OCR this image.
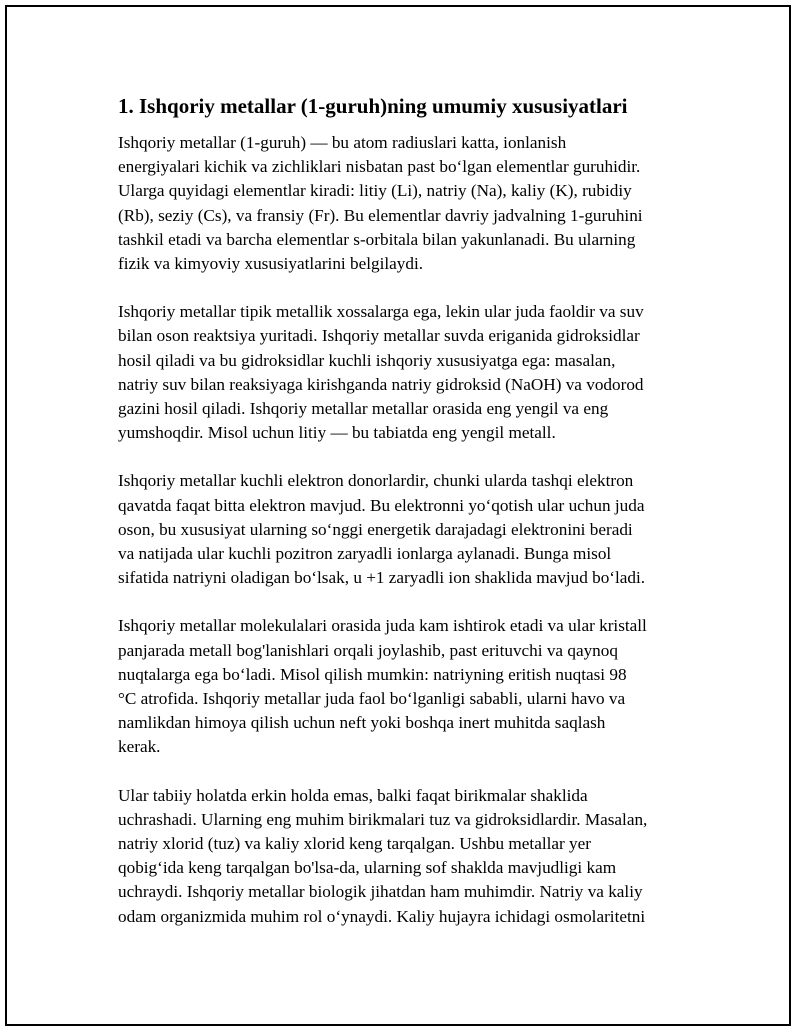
1. Ishqoriy metallar (1-guruh)ning umumiy xususiyatlari

Ishqoriy metallar (1-guruh) — bu atom radiuslari katta, ionlanish
energiyalari kichik va zichliklari nisbatan past boʻlgan elementlar guruhidir.
Ularga quyidagi elementlar kiradi: litiy (Li), natriy (Na), kaliy (K), rubidiy
(Rb), seziy (Cs), va fransiy (Fr). Bu elementlar davriy jadvalning 1-guruhini
tashkil etadi va barcha elementlar s-orbitala bilan yakunlanadi. Bu ularning
fizik va kimyoviy xususiyatlarini belgilaydi.

Ishqoriy metallar tipik metallik xossalarga ega, lekin ular juda faoldir va suv
bilan oson reaktsiya yuritadi. Ishqoriy metallar suvda eriganida gidroksidlar
hosil qiladi va bu gidroksidlar kuchli ishqoriy xususiyatga ega: masalan,
natriy suv bilan reaksiyaga kirishganda natriy gidroksid (NaOH) va vodorod
gazini hosil qiladi. Ishqoriy metallar metallar orasida eng yengil va eng
yumshoqdir. Misol uchun litiy — bu tabiatda eng yengil metall.

Ishqoriy metallar kuchli elektron donorlardir, chunki ularda tashqi elektron
qavatda faqat bitta elektron mavjud. Bu elektronni yoʻqotish ular uchun juda
oson, bu xususiyat ularning soʻnggi energetik darajadagi elektronini beradi
va natijada ular kuchli pozitron zaryadli ionlarga aylanadi. Bunga misol
sifatida natriyni oladigan boʻlsak, u +1 zaryadli ion shaklida mavjud boʻladi.

Ishqoriy metallar molekulalari orasida juda kam ishtirok etadi va ular kristall
panjarada metall bog'lanishlari orqali joylashib, past erituvchi va qaynoq
nuqtalarga ega boʻladi. Misol qilish mumkin: natriyning eritish nuqtasi 98
°C atrofida. Ishqoriy metallar juda faol boʻlganligi sababli, ularni havo va
namlikdan himoya qilish uchun neft yoki boshqa inert muhitda saqlash
kerak.

Ular tabiiy holatda erkin holda emas, balki faqat birikmalar shaklida
uchrashadi. Ularning eng muhim birikmalari tuz va gidroksidlardir. Masalan,
natriy xlorid (tuz) va kaliy xlorid keng tarqalgan. Ushbu metallar yer
qobigʻida keng tarqalgan bo'lsa-da, ularning sof shaklda mavjudligi kam
uchraydi. Ishqoriy metallar biologik jihatdan ham muhimdir. Natriy va kaliy
odam organizmida muhim rol oʻynaydi. Kaliy hujayra ichidagi osmolaritetni
